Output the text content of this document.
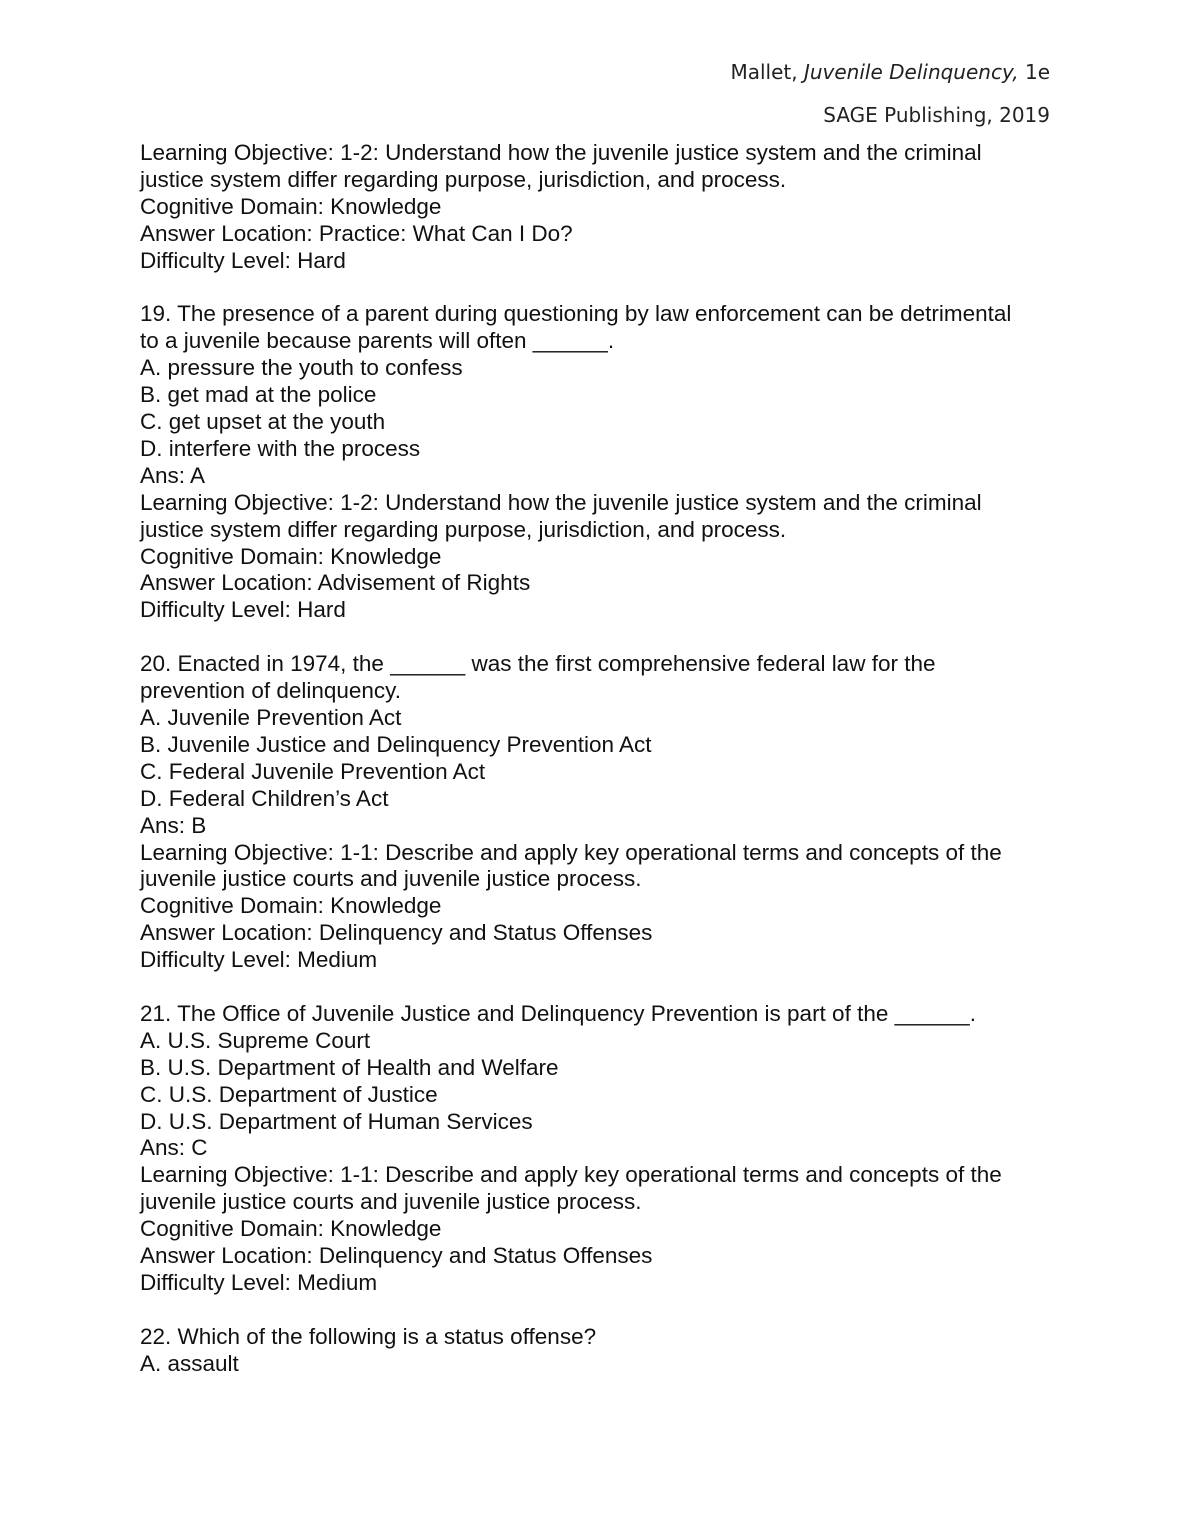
Mallet, Juvenile Delinquency, 1e
SAGE Publishing, 2019
Learning Objective: 1-2: Understand how the juvenile justice system and the criminal
justice system differ regarding purpose, jurisdiction, and process.
Cognitive Domain: Knowledge
Answer Location: Practice: What Can I Do?
Difficulty Level: Hard
19. The presence of a parent during questioning by law enforcement can be detrimental
to a juvenile because parents will often ______.
A. pressure the youth to confess
B. get mad at the police
C. get upset at the youth
D. interfere with the process
Ans: A
Learning Objective: 1-2: Understand how the juvenile justice system and the criminal
justice system differ regarding purpose, jurisdiction, and process.
Cognitive Domain: Knowledge
Answer Location: Advisement of Rights
Difficulty Level: Hard
20. Enacted in 1974, the ______ was the first comprehensive federal law for the
prevention of delinquency.
A. Juvenile Prevention Act
B. Juvenile Justice and Delinquency Prevention Act
C. Federal Juvenile Prevention Act
D. Federal Children’s Act
Ans: B
Learning Objective: 1-1: Describe and apply key operational terms and concepts of the
juvenile justice courts and juvenile justice process.
Cognitive Domain: Knowledge
Answer Location: Delinquency and Status Offenses
Difficulty Level: Medium
21. The Office of Juvenile Justice and Delinquency Prevention is part of the ______.
A. U.S. Supreme Court
B. U.S. Department of Health and Welfare
C. U.S. Department of Justice
D. U.S. Department of Human Services
Ans: C
Learning Objective: 1-1: Describe and apply key operational terms and concepts of the
juvenile justice courts and juvenile justice process.
Cognitive Domain: Knowledge
Answer Location: Delinquency and Status Offenses
Difficulty Level: Medium
22. Which of the following is a status offense?
A. assault
